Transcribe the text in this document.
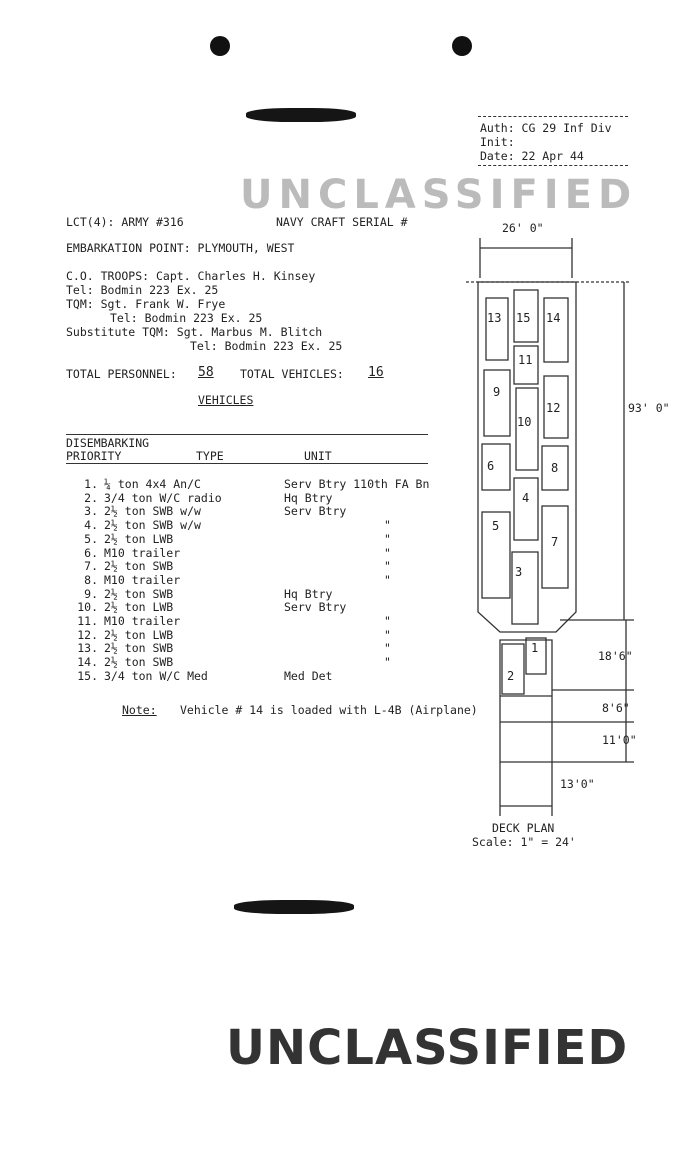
Auth: CG 29 Inf Div
Init:
Date: 22 Apr 44
UNCLASSIFIED
LCT(4): ARMY #316	NAVY CRAFT SERIAL #
EMBARKATION POINT: PLYMOUTH, WEST
C.O. TROOPS: Capt. Charles H. Kinsey
Tel: Bodmin 223 Ex. 25
TQM: Sgt. Frank W. Frye
Tel: Bodmin 223 Ex. 25
Substitute TQM: Sgt. Marbus M. Blitch
Tel: Bodmin 223 Ex. 25
TOTAL PERSONNEL: 58 TOTAL VEHICLES: 16
VEHICLES
DISEMBARKING
PRIORITY	TYPE	UNIT
1. ¼ ton 4x4 An/C	Serv Btry 110th FA Bn
2. 3/4 ton W/C radio	Hq Btry
3. 2½ ton SWB w/w	Serv Btry
4. 2½ ton SWB w/w	"
5. 2½ ton LWB	"
6. M10 trailer	"
7. 2½ ton SWB	"
8. M10 trailer	"
9. 2½ ton SWB	Hq Btry
10. 2½ ton LWB	Serv Btry
11. M10 trailer	"
12. 2½ ton LWB	"
13. 2½ ton SWB	"
14. 2½ ton SWB	"
15. 3/4 ton W/C Med	Med Det
Note: Vehicle # 14 is loaded with L-4B (Airplane)
13 15 14
11
9
12
10
6	8
4
5
7
3
2
1
26' 0"
93' 0"
18'6"
8'6"
11'0"
13'0"
DECK PLAN
Scale: 1" = 24'
UNCLASSIFIED
